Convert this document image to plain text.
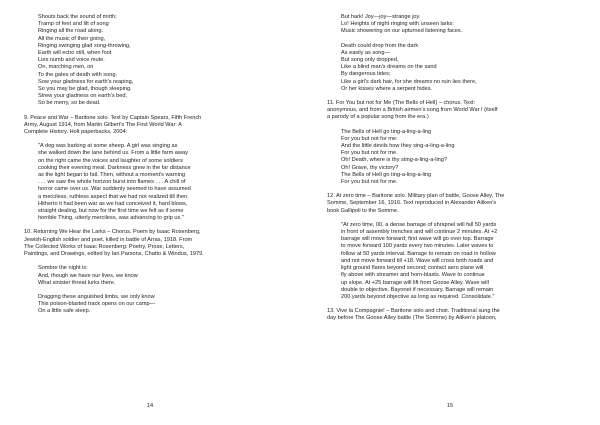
Shouts back the sound of mirth;
Tramp of feet and lilt of song
Ringing all the road along.
All the music of their going,
Ringing swinging glad song-throwing,
Earth will echo still, when foot
Lies numb and voice mute.
On, marching men, on
To the gates of death with song.
Sow your gladness for earth's reaping,
So you may be glad, though sleeping.
Strew your gladness on earth's bed,
So be merry, so be dead.
9. Peace and War – Baritone solo. Text by Captain Spears, Fifth French
Army, August 1914, from Martin Gilbert's The First World War: A
Complete History. Holt paperbacks, 2004:
"A dog was barking at some sheep. A girl was singing as
she walked down the lane behind us. From a little farm away
on the right came the voices and laughter of some soldiers
cooking their evening meal. Darkness grew in the far distance
as the light began to fail. Then, without a moment's warning
. . . we saw the whole horizon burst into flames . . . A chill of
horror came over us. War suddenly seemed to have assumed
a merciless, ruthless aspect that we had not realized till then.
Hitherto it had been war as we had conceived it, hard blows,
straight dealing, but now for the first time we felt as if some
horrible Thing, utterly merciless, was advancing to grip us."
10. Returning We Hear the Larks – Chorus. Poem by Isaac Rosenberg,
Jewish-English soldier and poet, killed in battle of Arras, 1918. From
The Collected Works of Isaac Rosenberg: Poetry, Prose, Letters,
Paintings, and Drawings, edited by Ian Parsons, Chatto & Windus, 1979.
Sombre the night is:
And, though we have our lives, we know
What sinister threat lurks there.
Dragging these anguished limbs, we only know
This poison-blasted track opens on our camp—
On a little safe sleep.
14
But hark! Joy—joy—strange joy.
Lo! Heights of night ringing with unseen larks:
Music showering on our upturned listening faces.
Death could drop from the dark
As easily as song—
But song only dropped,
Like a blind man's dreams on the sand
By dangerous tides;
Like a girl's dark hair, for she dreams no ruin lies there,
Or her kisses where a serpent hides.
11. For You but not for Me (The Bells of Hell) – chorus. Text:
anonymous, and from a British airmen's song from World War I (itself
a parody of a popular song from the era.)
The Bells of Hell go ting-a-ling-a-ling
For you but not for me:
And the little devils how they sing-a-ling-a-ling
For you but not for me.
Oh! Death, where is thy sting-a-ling-a-ling?
Oh! Grave, thy victory?
The Bells of Hell go ting-a-ling-a-ling
For you but not for me.
12. At zero time – Baritone solo. Military plan of battle, Goose Alley, The
Somme, September 16, 1916. Text reproduced in Alexander Aitken's
book Gallipoli to the Somme.
"At zero time, 00, a dense barrage of shrapnel will fall 50 yards
in front of assembly trenches and will continue 2 minutes. At +2
barrage will move forward; first wave will go over top. Barrage
to move forward 100 yards every two minutes. Later waves to
follow at 50 yards interval. Barrage to remain on road in hollow
and not move forward till +18. Wave will cross both roads and
light ground flares beyond second; contact aero plane will
fly above with streamer and horn-blasts. Wave to continue
up slope. At +25 barrage will lift from Goose Alley. Wave will
double to objective. Bayonet if necessary. Barrage will remain
200 yards beyond objective as long as required. Consolidate."
13. Vive la Compagnie! – Baritone solo and choir. Traditional sung the
day before The Goose Alley battle (The Somme) by Aitken's platoon,
15
